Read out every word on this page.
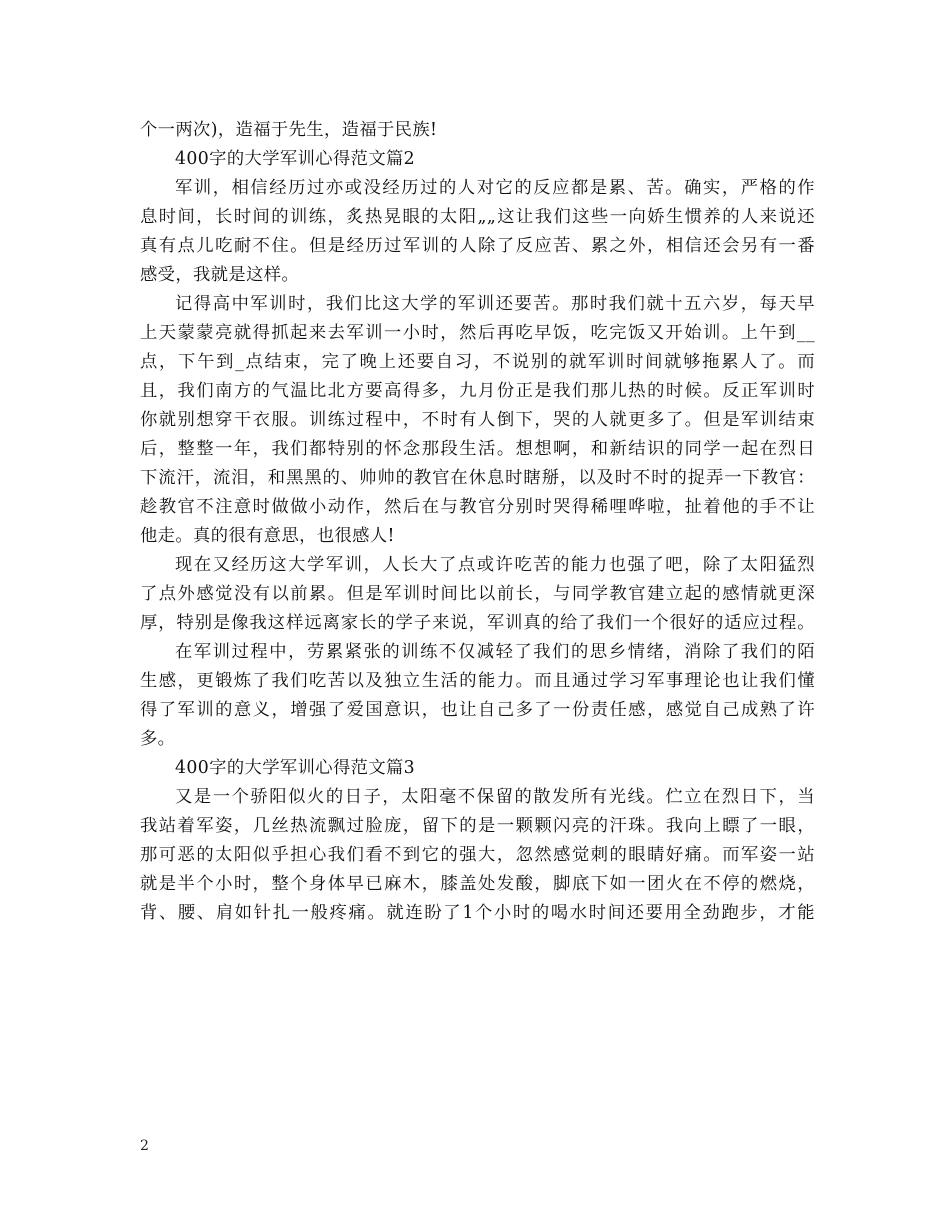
个一两次)，造福于先生，造福于民族!
400字的大学军训心得范文篇2
军训，相信经历过亦或没经历过的人对它的反应都是累、苦。确实，严格的作
息时间，长时间的训练，炙热晃眼的太阳„„这让我们这些一向娇生惯养的人来说还
真有点儿吃耐不住。但是经历过军训的人除了反应苦、累之外，相信还会另有一番
感受，我就是这样。
记得高中军训时，我们比这大学的军训还要苦。那时我们就十五六岁，每天早
上天蒙蒙亮就得抓起来去军训一小时，然后再吃早饭，吃完饭又开始训。上午到__
点，下午到_点结束，完了晚上还要自习，不说别的就军训时间就够拖累人了。而
且，我们南方的气温比北方要高得多，九月份正是我们那儿热的时候。反正军训时
你就别想穿干衣服。训练过程中，不时有人倒下，哭的人就更多了。但是军训结束
后，整整一年，我们都特别的怀念那段生活。想想啊，和新结识的同学一起在烈日
下流汗，流泪，和黑黑的、帅帅的教官在休息时瞎掰，以及时不时的捉弄一下教官：
趁教官不注意时做做小动作，然后在与教官分别时哭得稀哩哗啦，扯着他的手不让
他走。真的很有意思，也很感人!
现在又经历这大学军训，人长大了点或许吃苦的能力也强了吧，除了太阳猛烈
了点外感觉没有以前累。但是军训时间比以前长，与同学教官建立起的感情就更深
厚，特别是像我这样远离家长的学子来说，军训真的给了我们一个很好的适应过程。
在军训过程中，劳累紧张的训练不仅减轻了我们的思乡情绪，消除了我们的陌
生感，更锻炼了我们吃苦以及独立生活的能力。而且通过学习军事理论也让我们懂
得了军训的意义，增强了爱国意识，也让自己多了一份责任感，感觉自己成熟了许
多。
400字的大学军训心得范文篇3
又是一个骄阳似火的日子，太阳毫不保留的散发所有光线。伫立在烈日下，当
我站着军姿，几丝热流飘过脸庞，留下的是一颗颗闪亮的汗珠。我向上瞟了一眼，
那可恶的太阳似乎担心我们看不到它的强大，忽然感觉刺的眼睛好痛。而军姿一站
就是半个小时，整个身体早已麻木，膝盖处发酸，脚底下如一团火在不停的燃烧，
背、腰、肩如针扎一般疼痛。就连盼了1个小时的喝水时间还要用全劲跑步，才能
2
